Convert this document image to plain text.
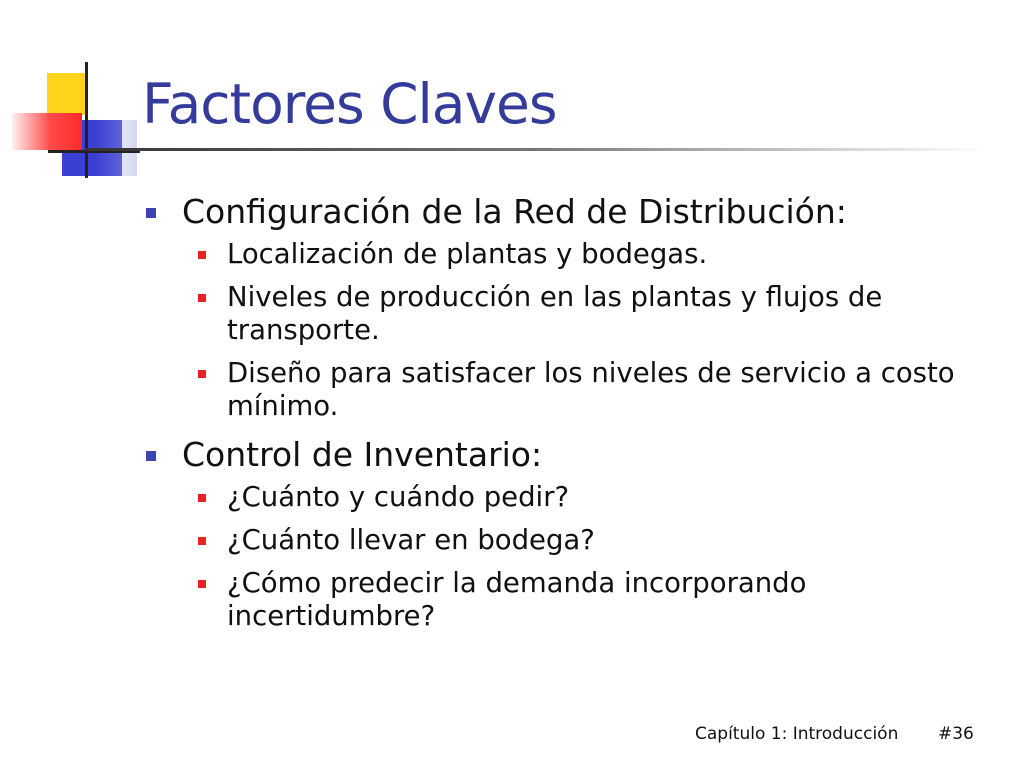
Factores Claves
Configuración de la Red de Distribución:
Localización de plantas y bodegas.
Niveles de producción en las plantas y flujos de transporte.
Diseño para satisfacer los niveles de servicio a costo mínimo.
Control de Inventario:
¿Cuánto y cuándo pedir?
¿Cuánto llevar en bodega?
¿Cómo predecir la demanda incorporando incertidumbre?
Capítulo 1: Introducción #36
